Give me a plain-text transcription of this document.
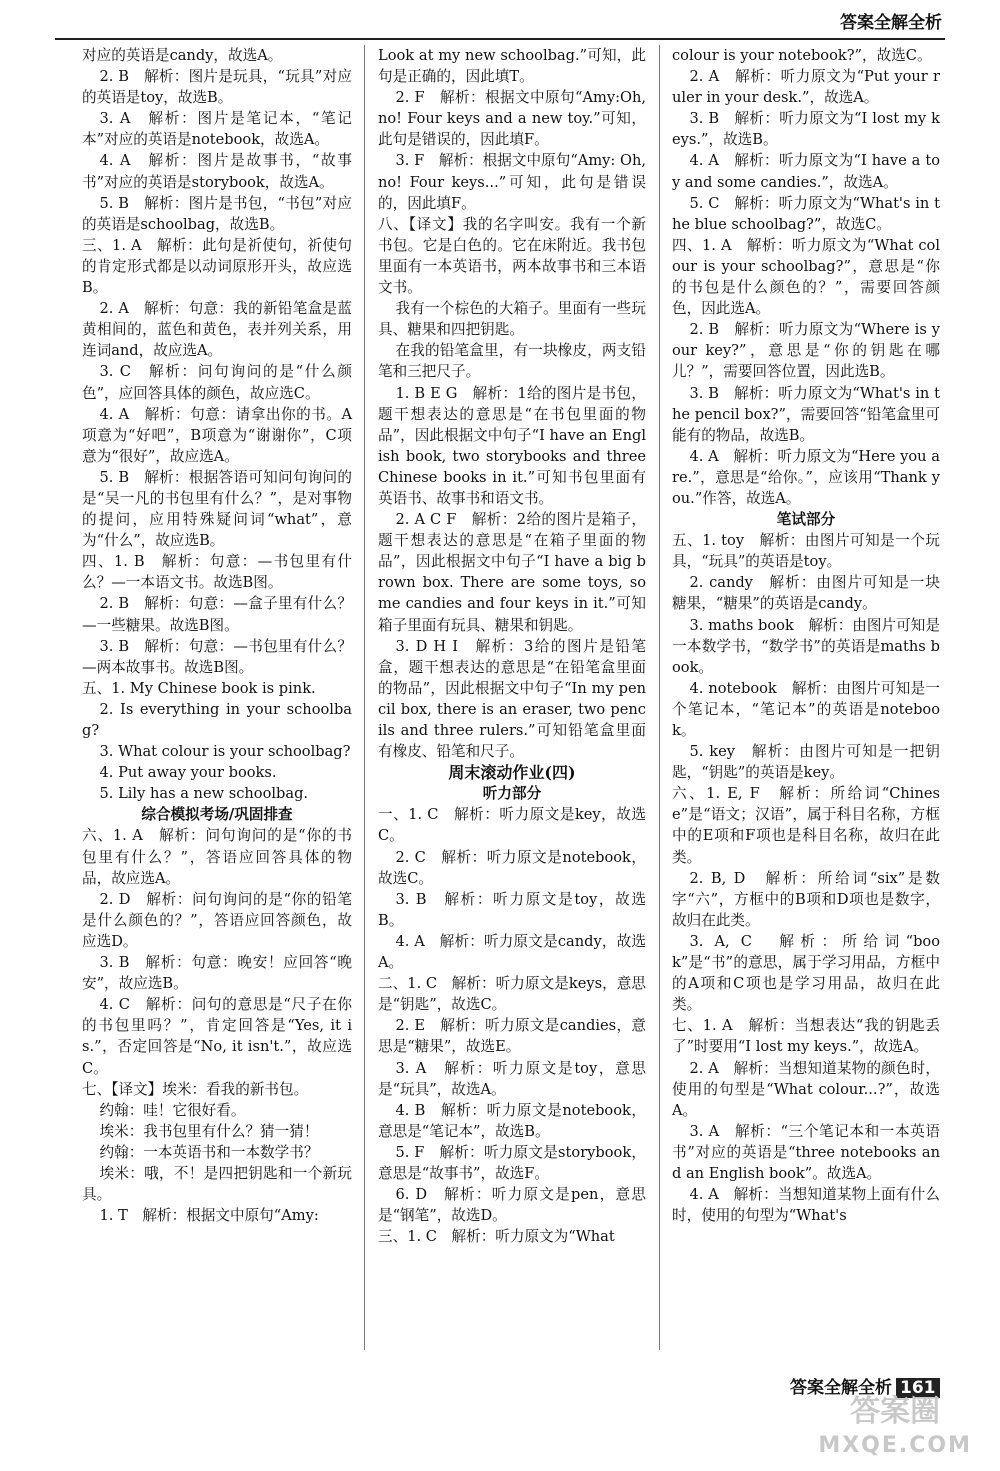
答案全解全析

对应的英语是candy，故选A。

2. B　解析：图片是玩具，“玩具”对应的英语是toy，故选B。

3. A　解析：图片是笔记本，“笔记本”对应的英语是notebook，故选A。

4. A　解析：图片是故事书，“故事书”对应的英语是storybook，故选A。

5. B　解析：图片是书包，“书包”对应的英语是schoolbag，故选B。

三、1. A　解析：此句是祈使句，祈使句的肯定形式都是以动词原形开头，故应选B。

2. A　解析：句意：我的新铅笔盒是蓝黄相间的，蓝色和黄色，表并列关系，用连词and，故应选A。

3. C　解析：问句询问的是“什么颜色”，应回答具体的颜色，故应选C。

4. A　解析：句意：请拿出你的书。A项意为“好吧”，B项意为“谢谢你”，C项意为“很好”，故应选A。

5. B　解析：根据答语可知问句询问的是“吴一凡的书包里有什么？”，是对事物的提问，应用特殊疑问词“what”，意为“什么”，故应选B。

四、1. B　解析：句意：—书包里有什么？—一本语文书。故选B图。

2. B　解析：句意：—盒子里有什么？—一些糖果。故选B图。

3. B　解析：句意：—书包里有什么？—两本故事书。故选B图。

五、1. My Chinese book is pink.

2. Is everything in your schoolbag?

3. What colour is your schoolbag?

4. Put away your books.

5. Lily has a new schoolbag.

综合模拟考场/巩固排查

六、1. A　解析：问句询问的是“你的书包里有什么？”，答语应回答具体的物品，故应选A。

2. D　解析：问句询问的是“你的铅笔是什么颜色的？”，答语应回答颜色，故应选D。

3. B　解析：句意：晚安！应回答“晚安”，故应选B。

4. C　解析：问句的意思是“尺子在你的书包里吗？”，肯定回答是“Yes, it is.”，否定回答是“No, it isn't.”，故应选C。

七、【译文】埃米：看我的新书包。

约翰：哇！它很好看。

埃米：我书包里有什么？猜一猜！

约翰：一本英语书和一本数学书？

埃米：哦，不！是四把钥匙和一个新玩具。

1. T　解析：根据文中原句“Amy:

Look at my new schoolbag.”可知，此句是正确的，因此填T。

2. F　解析：根据文中原句“Amy:Oh, no! Four keys and a new toy.”可知，此句是错误的，因此填F。

3. F　解析：根据文中原句“Amy: Oh, no! Four keys...”可知，此句是错误的，因此填F。

八、【译文】我的名字叫安。我有一个新书包。它是白色的。它在床附近。我书包里面有一本英语书，两本故事书和三本语文书。

我有一个棕色的大箱子。里面有一些玩具、糖果和四把钥匙。

在我的铅笔盒里，有一块橡皮，两支铅笔和三把尺子。

1. B E G　解析：1给的图片是书包，题干想表达的意思是“在书包里面的物品”，因此根据文中句子“I have an English book, two storybooks and three Chinese books in it.”可知书包里面有英语书、故事书和语文书。

2. A C F　解析：2给的图片是箱子，题干想表达的意思是“在箱子里面的物品”，因此根据文中句子“I have a big brown box. There are some toys, some candies and four keys in it.”可知箱子里面有玩具、糖果和钥匙。

3. D H I　解析：3给的图片是铅笔盒，题干想表达的意思是“在铅笔盒里面的物品”，因此根据文中句子“In my pencil box, there is an eraser, two pencils and three rulers.”可知铅笔盒里面有橡皮、铅笔和尺子。

周末滚动作业(四)

听力部分

一、1. C　解析：听力原文是key，故选C。

2. C　解析：听力原文是notebook，故选C。

3. B　解析：听力原文是toy，故选B。

4. A　解析：听力原文是candy，故选A。

二、1. C　解析：听力原文是keys，意思是“钥匙”，故选C。

2. E　解析：听力原文是candies，意思是“糖果”，故选E。

3. A　解析：听力原文是toy，意思是“玩具”，故选A。

4. B　解析：听力原文是notebook，意思是“笔记本”，故选B。

5. F　解析：听力原文是storybook，意思是“故事书”，故选F。

6. D　解析：听力原文是pen，意思是“钢笔”，故选D。

三、1. C　解析：听力原文为“What

colour is your notebook?”，故选C。

2. A　解析：听力原文为“Put your ruler in your desk.”，故选A。

3. B　解析：听力原文为“I lost my keys.”，故选B。

4. A　解析：听力原文为“I have a toy and some candies.”，故选A。

5. C　解析：听力原文为“What's in the blue schoolbag?”，故选C。

四、1. A　解析：听力原文为“What colour is your schoolbag?”，意思是“你的书包是什么颜色的？”，需要回答颜色，因此选A。

2. B　解析：听力原文为“Where is your key?”，意思是“你的钥匙在哪儿？”，需要回答位置，因此选B。

3. B　解析：听力原文为“What's in the pencil box?”，需要回答“铅笔盒里可能有的物品，故选B。

4. A　解析：听力原文为“Here you are.”，意思是“给你。”，应该用“Thank you.”作答，故选A。

笔试部分

五、1. toy　解析：由图片可知是一个玩具，“玩具”的英语是toy。

2. candy　解析：由图片可知是一块糖果，“糖果”的英语是candy。

3. maths book　解析：由图片可知是一本数学书，“数学书”的英语是maths book。

4. notebook　解析：由图片可知是一个笔记本，“笔记本”的英语是notebook。

5. key　解析：由图片可知是一把钥匙，“钥匙”的英语是key。

六、1. E, F　解析：所给词“Chinese”是“语文；汉语”，属于科目名称，方框中的E项和F项也是科目名称，故归在此类。

2. B, D　解析：所给词“six”是数字“六”，方框中的B项和D项也是数字，故归在此类。

3. A, C　解析：所给词“book”是“书”的意思，属于学习用品，方框中的A项和C项也是学习用品，故归在此类。

七、1. A　解析：当想表达“我的钥匙丢了”时要用“I lost my keys.”，故选A。

2. A　解析：当想知道某物的颜色时，使用的句型是“What colour...?”，故选A。

3. A　解析：“三个笔记本和一本英语书”对应的英语是“three notebooks and an English book”。故选A。

4. A　解析：当想知道某物上面有什么时，使用的句型为“What's

答案全解全析 161
答案圈
MXQE.COM
